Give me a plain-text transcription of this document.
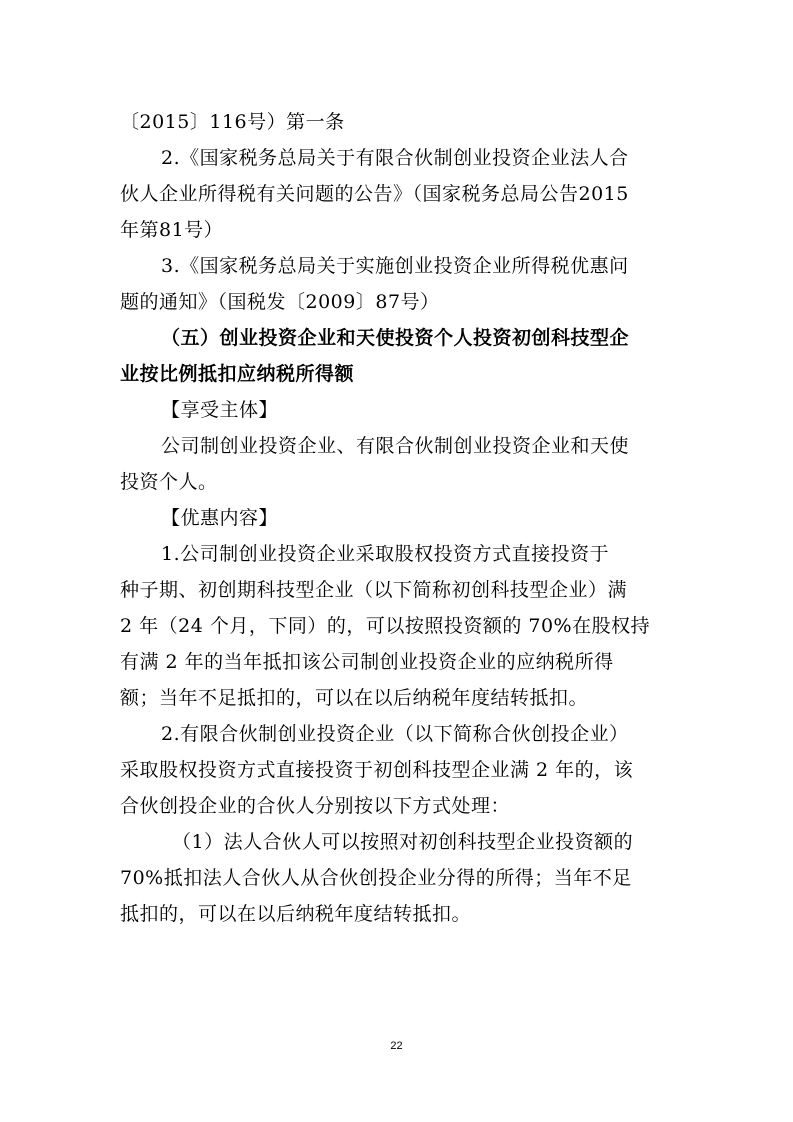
〔2015〕116号）第一条
2.《国家税务总局关于有限合伙制创业投资企业法人合
伙人企业所得税有关问题的公告》（国家税务总局公告2015
年第81号）
3.《国家税务总局关于实施创业投资企业所得税优惠问
题的通知》（国税发〔2009〕87号）
（五）创业投资企业和天使投资个人投资初创科技型企
业按比例抵扣应纳税所得额
【享受主体】
公司制创业投资企业、有限合伙制创业投资企业和天使
投资个人。
【优惠内容】
1.公司制创业投资企业采取股权投资方式直接投资于
种子期、初创期科技型企业（以下简称初创科技型企业）满
2 年（24 个月，下同）的，可以按照投资额的 70%在股权持
有满 2 年的当年抵扣该公司制创业投资企业的应纳税所得
额；当年不足抵扣的，可以在以后纳税年度结转抵扣。
2.有限合伙制创业投资企业（以下简称合伙创投企业）
采取股权投资方式直接投资于初创科技型企业满 2 年的，该
合伙创投企业的合伙人分别按以下方式处理：
（1）法人合伙人可以按照对初创科技型企业投资额的
70%抵扣法人合伙人从合伙创投企业分得的所得；当年不足
抵扣的，可以在以后纳税年度结转抵扣。
22
